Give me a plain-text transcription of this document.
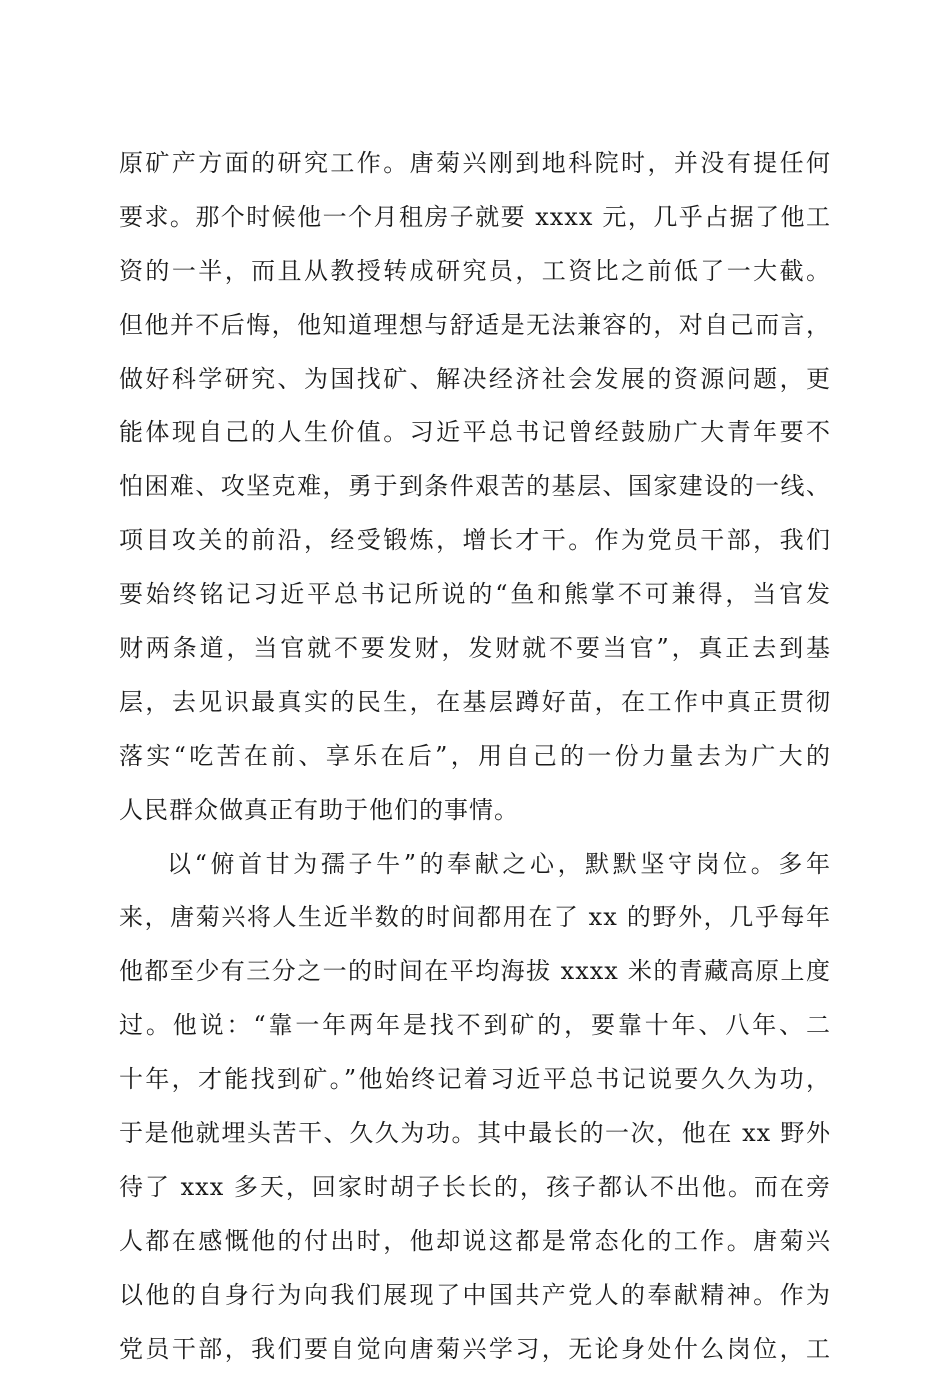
原矿产方面的研究工作。唐菊兴刚到地科院时，并没有提任何
要求。那个时候他一个月租房子就要 xxxx 元，几乎占据了他工
资的一半，而且从教授转成研究员，工资比之前低了一大截。
但他并不后悔，他知道理想与舒适是无法兼容的，对自己而言，
做好科学研究、为国找矿、解决经济社会发展的资源问题，更
能体现自己的人生价值。习近平总书记曾经鼓励广大青年要不
怕困难、攻坚克难，勇于到条件艰苦的基层、国家建设的一线、
项目攻关的前沿，经受锻炼，增长才干。作为党员干部，我们
要始终铭记习近平总书记所说的“鱼和熊掌不可兼得，当官发
财两条道，当官就不要发财，发财就不要当官”，真正去到基
层，去见识最真实的民生，在基层蹲好苗，在工作中真正贯彻
落实“吃苦在前、享乐在后”，用自己的一份力量去为广大的
人民群众做真正有助于他们的事情。
以“俯首甘为孺子牛”的奉献之心，默默坚守岗位。多年
来，唐菊兴将人生近半数的时间都用在了 xx 的野外，几乎每年
他都至少有三分之一的时间在平均海拔 xxxx 米的青藏高原上度
过。他说：“靠一年两年是找不到矿的，要靠十年、八年、二
十年，才能找到矿。”他始终记着习近平总书记说要久久为功，
于是他就埋头苦干、久久为功。其中最长的一次，他在 xx 野外
待了 xxx 多天，回家时胡子长长的，孩子都认不出他。而在旁
人都在感慨他的付出时，他却说这都是常态化的工作。唐菊兴
以他的自身行为向我们展现了中国共产党人的奉献精神。作为
党员干部，我们要自觉向唐菊兴学习，无论身处什么岗位，工
